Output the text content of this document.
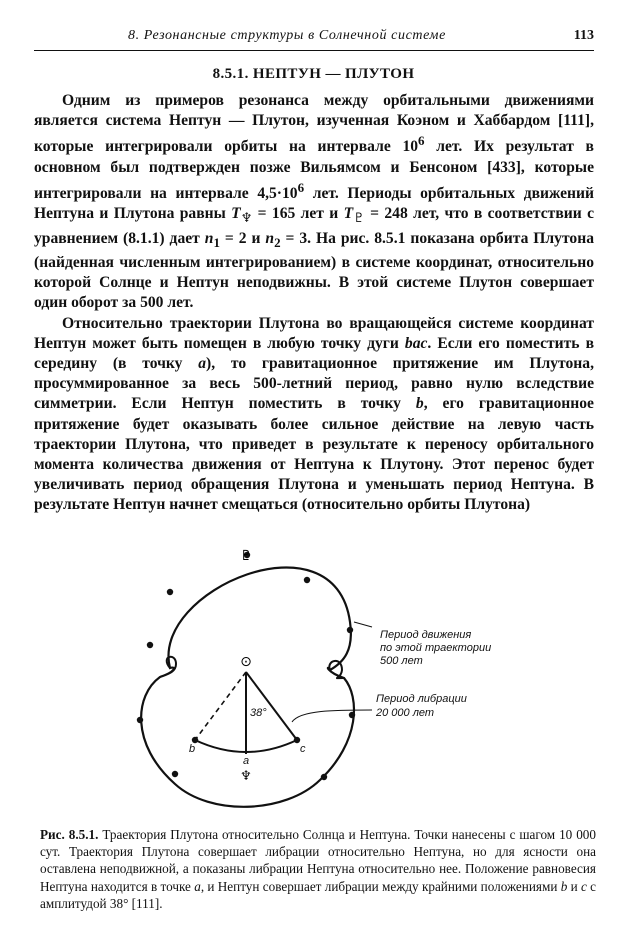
8. Резонансные структуры в Солнечной системе	113
8.5.1. НЕПТУН — ПЛУТОН

Одним из примеров резонанса между орбитальными движениями является система Нептун — Плутон, изученная Коэном и Хаббардом [111], которые интегрировали орбиты на интервале $10^6$ лет. Их результат в основном был подтвержден позже Вильямсом и Бенсоном [433], которые интегрировали на интервале $4,5\cdot 10^6$ лет. Периоды орбитальных движений Нептуна и Плутона равны $T_♆ = 165$ лет и $T_♇ = 248$ лет, что в соответствии с уравнением (8.1.1) дает $n_1 = 2$ и $n_2 = 3$. На рис. 8.5.1 показана орбита Плутона (найденная численным интегрированием) в системе координат, относительно которой Солнце и Нептун неподвижны. В этой системе Плутон совершает один оборот за 500 лет.

Относительно траектории Плутона во вращающейся системе координат Нептун может быть помещен в любую точку дуги bac. Если его поместить в середину (в точку a), то гравитационное притяжение им Плутона, просуммированное за весь 500-летний период, равно нулю вследствие симметрии. Если Нептун поместить в точку b, его гравитационное притяжение будет оказывать более сильное действие на левую часть траектории Плутона, что приведет в результате к переносу орбитального момента количества движения от Нептуна к Плутону. Этот перенос будет увеличивать период обращения Плутона и уменьшать период Нептуна. В результате Нептун начнет смещаться (относительно орбиты Плутона)

♇
⊙
♆
38°
b	c
a
Период движения
по этой траектории
500 лет
Период либрации
20 000 лет
Рис. 8.5.1. Траектория Плутона относительно Солнца и Нептуна. Точки нанесены с шагом 10 000 сут. Траектория Плутона совершает либрации относительно Нептуна, но для ясности она оставлена неподвижной, а показаны либрации Нептуна относительно нее. Положение равновесия Нептуна находится в точке a, и Нептун совершает либрации между крайними положениями b и c с амплитудой 38° [111].
